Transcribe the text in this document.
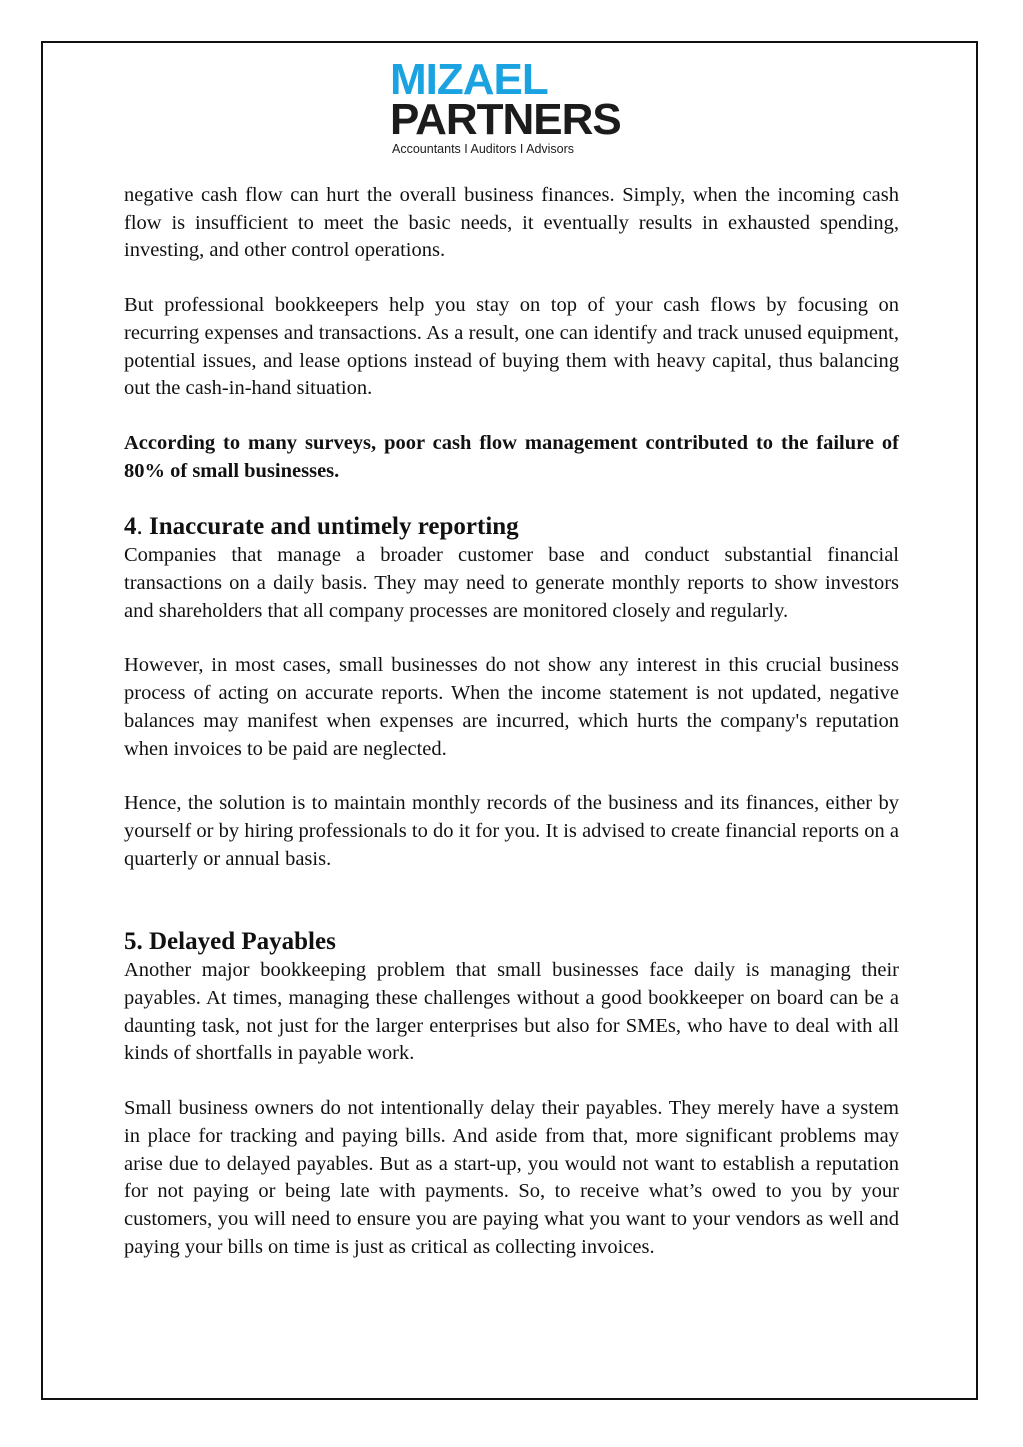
MIZAEL
PARTNERS
Accountants I Auditors I Advisors

negative cash flow can hurt the overall business finances. Simply, when the incoming cash flow is insufficient to meet the basic needs, it eventually results in exhausted spending, investing, and other control operations.

But professional bookkeepers help you stay on top of your cash flows by focusing on recurring expenses and transactions. As a result, one can identify and track unused equipment, potential issues, and lease options instead of buying them with heavy capital, thus balancing out the cash-in-hand situation.

According to many surveys, poor cash flow management contributed to the failure of 80% of small businesses.

4. Inaccurate and untimely reporting

Companies that manage a broader customer base and conduct substantial financial transactions on a daily basis. They may need to generate monthly reports to show investors and shareholders that all company processes are monitored closely and regularly.

However, in most cases, small businesses do not show any interest in this crucial business process of acting on accurate reports. When the income statement is not updated, negative balances may manifest when expenses are incurred, which hurts the company's reputation when invoices to be paid are neglected.

Hence, the solution is to maintain monthly records of the business and its finances, either by yourself or by hiring professionals to do it for you. It is advised to create financial reports on a quarterly or annual basis.

5. Delayed Payables

Another major bookkeeping problem that small businesses face daily is managing their payables. At times, managing these challenges without a good bookkeeper on board can be a daunting task, not just for the larger enterprises but also for SMEs, who have to deal with all kinds of shortfalls in payable work.

Small business owners do not intentionally delay their payables. They merely have a system in place for tracking and paying bills. And aside from that, more significant problems may arise due to delayed payables. But as a start-up, you would not want to establish a reputation for not paying or being late with payments. So, to receive what’s owed to you by your customers, you will need to ensure you are paying what you want to your vendors as well and paying your bills on time is just as critical as collecting invoices.
